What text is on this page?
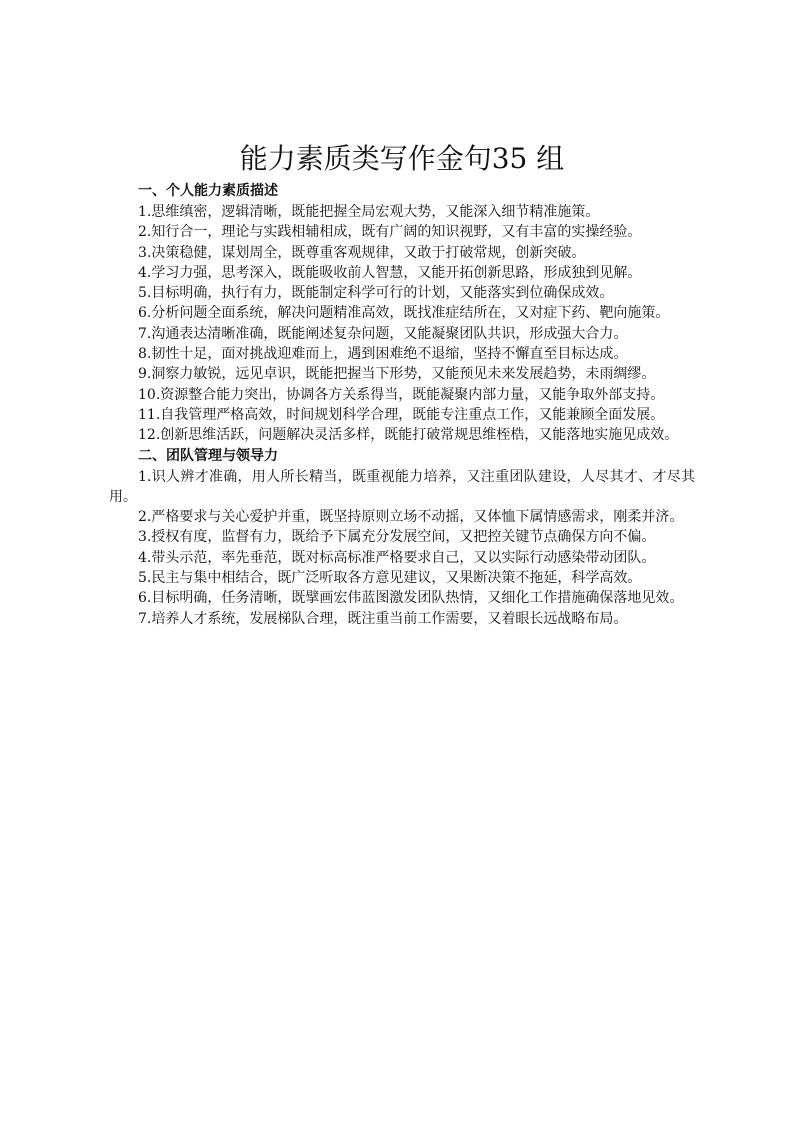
能力素质类写作金句35 组

一、个人能力素质描述

1.思维缜密，逻辑清晰，既能把握全局宏观大势，又能深入细节精准施策。

2.知行合一，理论与实践相辅相成，既有广阔的知识视野，又有丰富的实操经验。

3.决策稳健，谋划周全，既尊重客观规律，又敢于打破常规，创新突破。

4.学习力强，思考深入，既能吸收前人智慧，又能开拓创新思路，形成独到见解。

5.目标明确，执行有力，既能制定科学可行的计划，又能落实到位确保成效。

6.分析问题全面系统，解决问题精准高效，既找准症结所在，又对症下药、靶向施策。

7.沟通表达清晰准确，既能阐述复杂问题，又能凝聚团队共识，形成强大合力。

8.韧性十足，面对挑战迎难而上，遇到困难绝不退缩，坚持不懈直至目标达成。

9.洞察力敏锐，远见卓识，既能把握当下形势，又能预见未来发展趋势，未雨绸缪。

10.资源整合能力突出，协调各方关系得当，既能凝聚内部力量，又能争取外部支持。

11.自我管理严格高效，时间规划科学合理，既能专注重点工作，又能兼顾全面发展。

12.创新思维活跃，问题解决灵活多样，既能打破常规思维桎梏，又能落地实施见成效。

二、团队管理与领导力

1.识人辨才准确，用人所长精当，既重视能力培养，又注重团队建设，人尽其才、才尽其用。

2.严格要求与关心爱护并重，既坚持原则立场不动摇，又体恤下属情感需求，刚柔并济。

3.授权有度，监督有力，既给予下属充分发展空间，又把控关键节点确保方向不偏。

4.带头示范，率先垂范，既对标高标准严格要求自己，又以实际行动感染带动团队。

5.民主与集中相结合，既广泛听取各方意见建议，又果断决策不拖延，科学高效。

6.目标明确，任务清晰，既擘画宏伟蓝图激发团队热情，又细化工作措施确保落地见效。

7.培养人才系统，发展梯队合理，既注重当前工作需要，又着眼长远战略布局。
